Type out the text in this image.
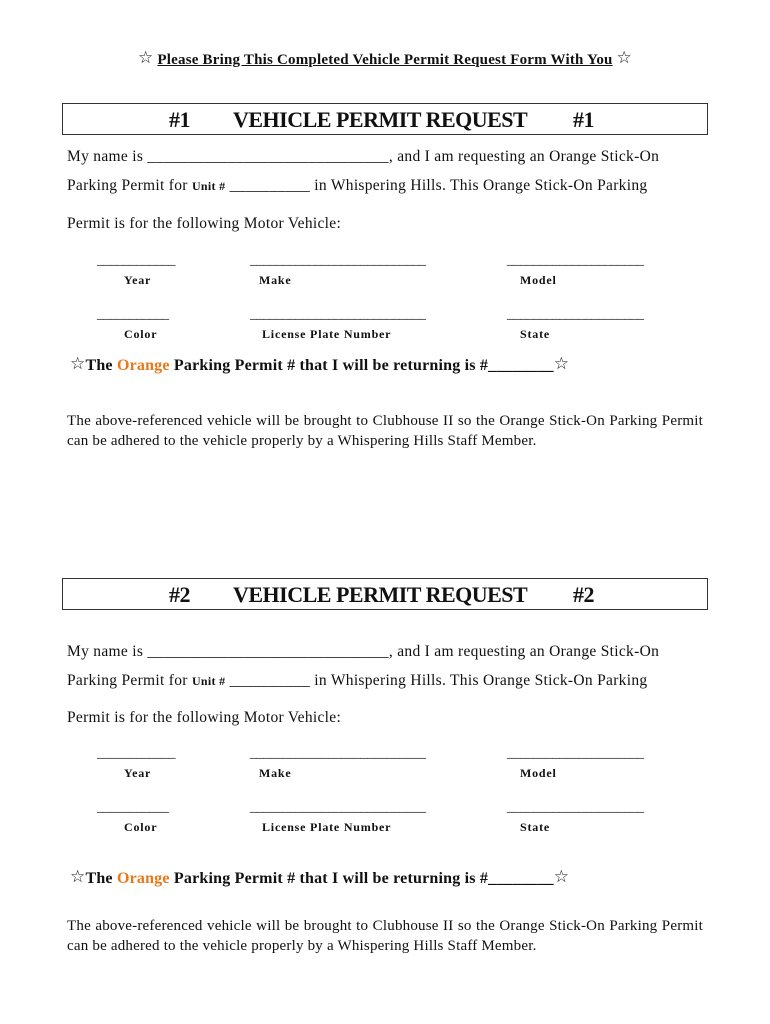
☆ Please Bring This Completed Vehicle Permit Request Form With You ☆
#1 VEHICLE PERMIT REQUEST #1
My name is ______________________________, and I am requesting an Orange Stick-On
Parking Permit for Unit # __________ in Whispering Hills. This Orange Stick-On Parking
Permit is for the following Motor Vehicle:
____________
Year
___________________________
Make
_____________________
Model
___________
Color
___________________________
License Plate Number
_____________________
State
☆The Orange Parking Permit # that I will be returning is #________☆
The above-referenced vehicle will be brought to Clubhouse II so the Orange Stick-On Parking Permit can be adhered to the vehicle properly by a Whispering Hills Staff Member.
#2 VEHICLE PERMIT REQUEST #2
My name is ______________________________, and I am requesting an Orange Stick-On
Parking Permit for Unit # __________ in Whispering Hills. This Orange Stick-On Parking
Permit is for the following Motor Vehicle:
____________
Year
___________________________
Make
_____________________
Model
___________
Color
___________________________
License Plate Number
_____________________
State
☆The Orange Parking Permit # that I will be returning is #________☆
The above-referenced vehicle will be brought to Clubhouse II so the Orange Stick-On Parking Permit can be adhered to the vehicle properly by a Whispering Hills Staff Member.
